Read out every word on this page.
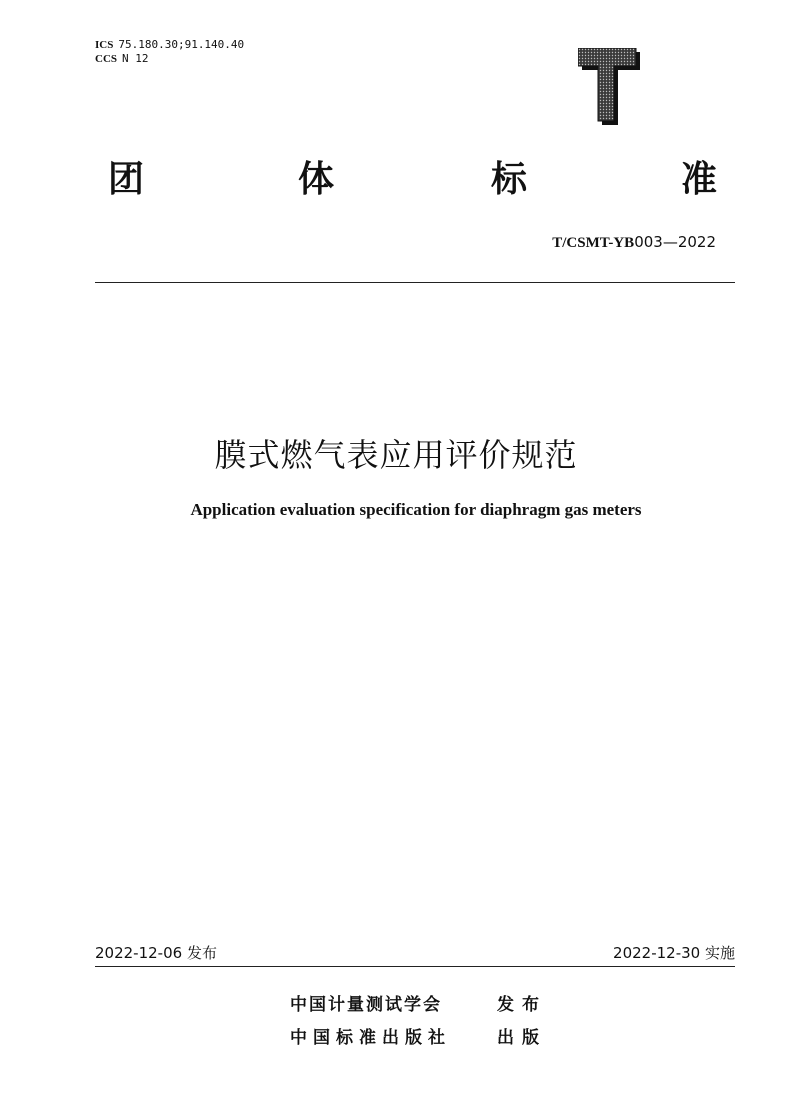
ICS 75.180.30;91.140.40
CCS N 12
团	体	标	准
T/CSMT-YB003—2022
膜式燃气表应用评价规范
Application evaluation specification for diaphragm gas meters
2022-12-06 发布	2022-12-30 实施
中国计量测试学会	发布
中国标准出版社	出版
